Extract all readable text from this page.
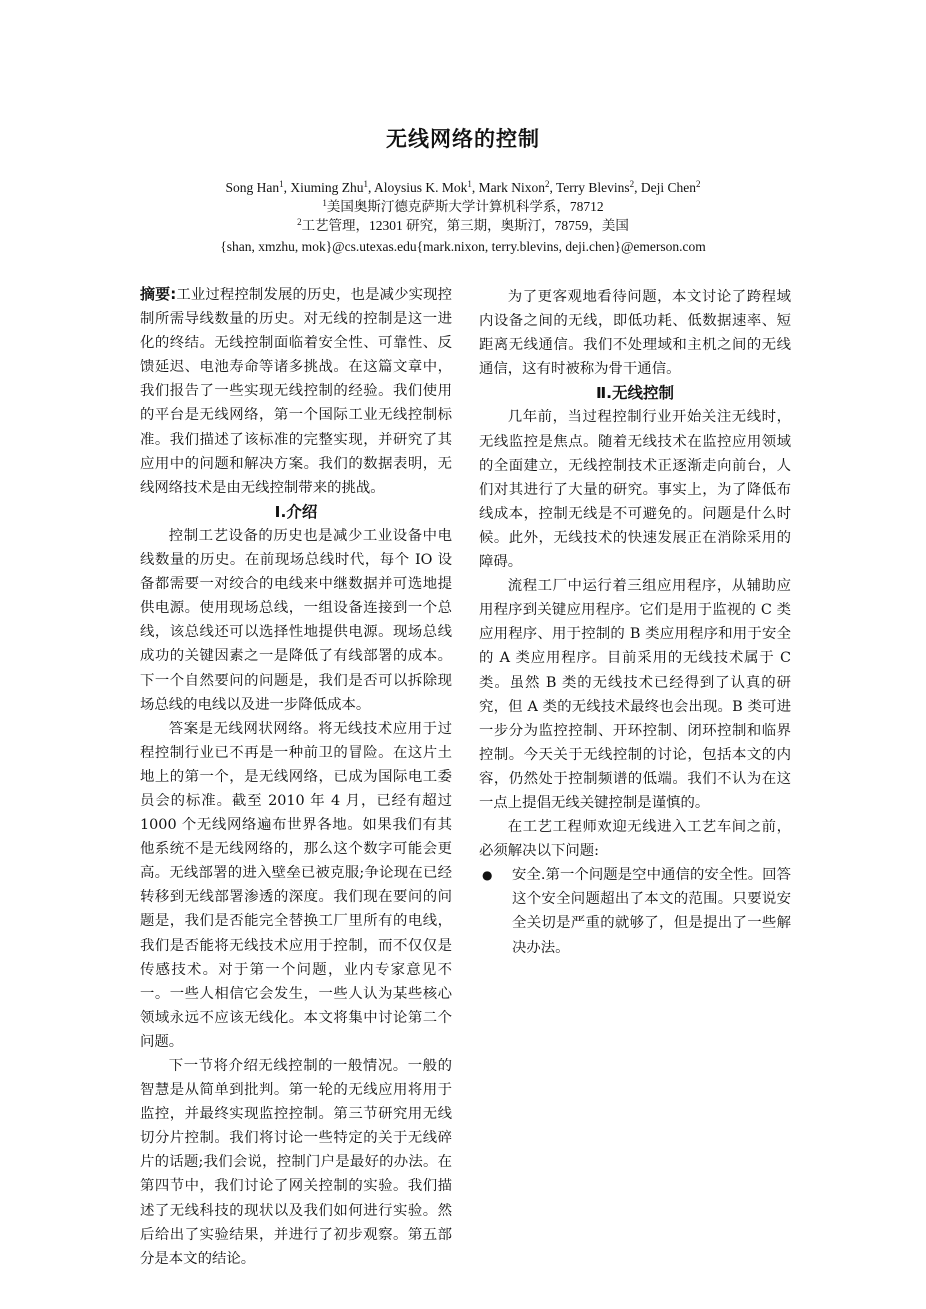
无线网络的控制
Song Han$^1$, Xiuming Zhu$^1$, Aloysius K. Mok$^1$, Mark Nixon$^2$, Terry Blevins$^2$, Deji Chen$^2$
$^1$美国奥斯汀德克萨斯大学计算机科学系，78712
$^2$工艺管理，12301 研究，第三期，奥斯汀，78759，美国
{shan, xmzhu, mok}@cs.utexas.edu{mark.nixon, terry.blevins, deji.chen}@emerson.com

摘要:工业过程控制发展的历史，也是减少实现控制所需导线数量的历史。对无线的控制是这一进化的终结。无线控制面临着安全性、可靠性、反馈延迟、电池寿命等诸多挑战。在这篇文章中，我们报告了一些实现无线控制的经验。我们使用的平台是无线网络，第一个国际工业无线控制标准。我们描述了该标准的完整实现，并研究了其应用中的问题和解决方案。我们的数据表明，无线网络技术是由无线控制带来的挑战。

Ⅰ.介绍

控制工艺设备的历史也是减少工业设备中电线数量的历史。在前现场总线时代，每个 IO 设备都需要一对绞合的电线来中继数据并可选地提供电源。使用现场总线，一组设备连接到一个总线，该总线还可以选择性地提供电源。现场总线成功的关键因素之一是降低了有线部署的成本。下一个自然要问的问题是，我们是否可以拆除现场总线的电线以及进一步降低成本。

答案是无线网状网络。将无线技术应用于过程控制行业已不再是一种前卫的冒险。在这片土地上的第一个，是无线网络，已成为国际电工委员会的标准。截至 2010 年 4 月，已经有超过 1000 个无线网络遍布世界各地。如果我们有其他系统不是无线网络的，那么这个数字可能会更高。无线部署的进入壁垒已被克服;争论现在已经转移到无线部署渗透的深度。我们现在要问的问题是，我们是否能完全替换工厂里所有的电线，我们是否能将无线技术应用于控制，而不仅仅是传感技术。对于第一个问题，业内专家意见不一。一些人相信它会发生，一些人认为某些核心领域永远不应该无线化。本文将集中讨论第二个问题。

下一节将介绍无线控制的一般情况。一般的智慧是从简单到批判。第一轮的无线应用将用于监控，并最终实现监控控制。第三节研究用无线切分片控制。我们将讨论一些特定的关于无线碎片的话题;我们会说，控制门户是最好的办法。在第四节中，我们讨论了网关控制的实验。我们描述了无线科技的现状以及我们如何进行实验。然后给出了实验结果，并进行了初步观察。第五部分是本文的结论。

为了更客观地看待问题，本文讨论了跨程域内设备之间的无线，即低功耗、低数据速率、短距离无线通信。我们不处理域和主机之间的无线通信，这有时被称为骨干通信。

Ⅱ.无线控制

几年前，当过程控制行业开始关注无线时，无线监控是焦点。随着无线技术在监控应用领域的全面建立，无线控制技术正逐渐走向前台，人们对其进行了大量的研究。事实上，为了降低布线成本，控制无线是不可避免的。问题是什么时候。此外，无线技术的快速发展正在消除采用的障碍。

流程工厂中运行着三组应用程序，从辅助应用程序到关键应用程序。它们是用于监视的 C 类应用程序、用于控制的 B 类应用程序和用于安全的 A 类应用程序。目前采用的无线技术属于 C 类。虽然 B 类的无线技术已经得到了认真的研究，但 A 类的无线技术最终也会出现。B 类可进一步分为监控控制、开环控制、闭环控制和临界控制。今天关于无线控制的讨论，包括本文的内容，仍然处于控制频谱的低端。我们不认为在这一点上提倡无线关键控制是谨慎的。

在工艺工程师欢迎无线进入工艺车间之前，必须解决以下问题:

● 安全.第一个问题是空中通信的安全性。回答这个安全问题超出了本文的范围。只要说安全关切是严重的就够了，但是提出了一些解决办法。
